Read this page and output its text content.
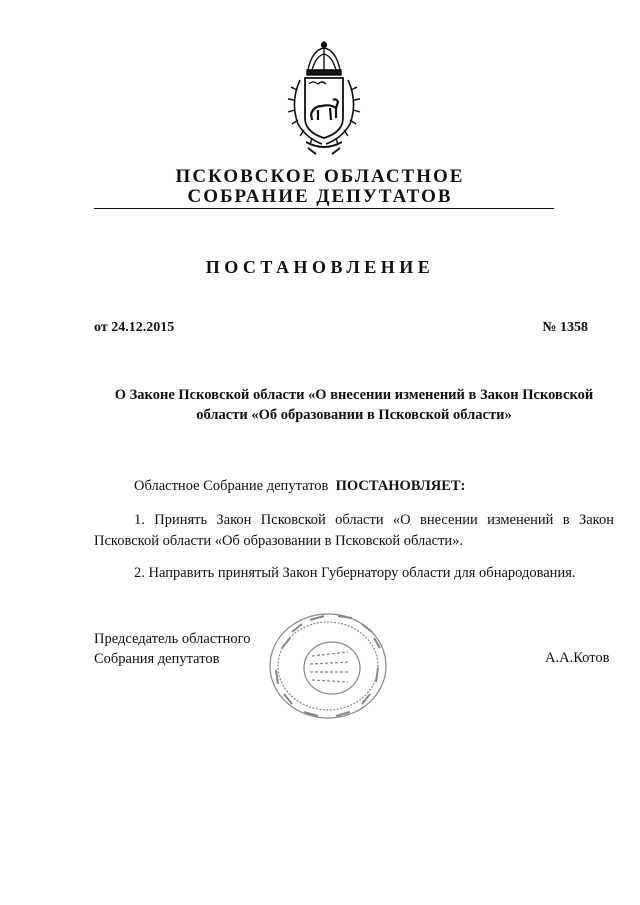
ПСКОВСКОЕ ОБЛАСТНОЕ
СОБРАНИЕ ДЕПУТАТОВ
ПОСТАНОВЛЕНИЕ
от 24.12.2015	№ 1358
О Законе Псковской области «О внесении изменений в Закон Псковской области «Об образовании в Псковской области»
Областное Собрание депутатов ПОСТАНОВЛЯЕТ:
1. Принять Закон Псковской области «О внесении изменений в Закон Псковской области «Об образовании в Псковской области».
2. Направить принятый Закон Губернатору области для обнародования.
Председатель областного
Собрания депутатов	А.А.Котов
